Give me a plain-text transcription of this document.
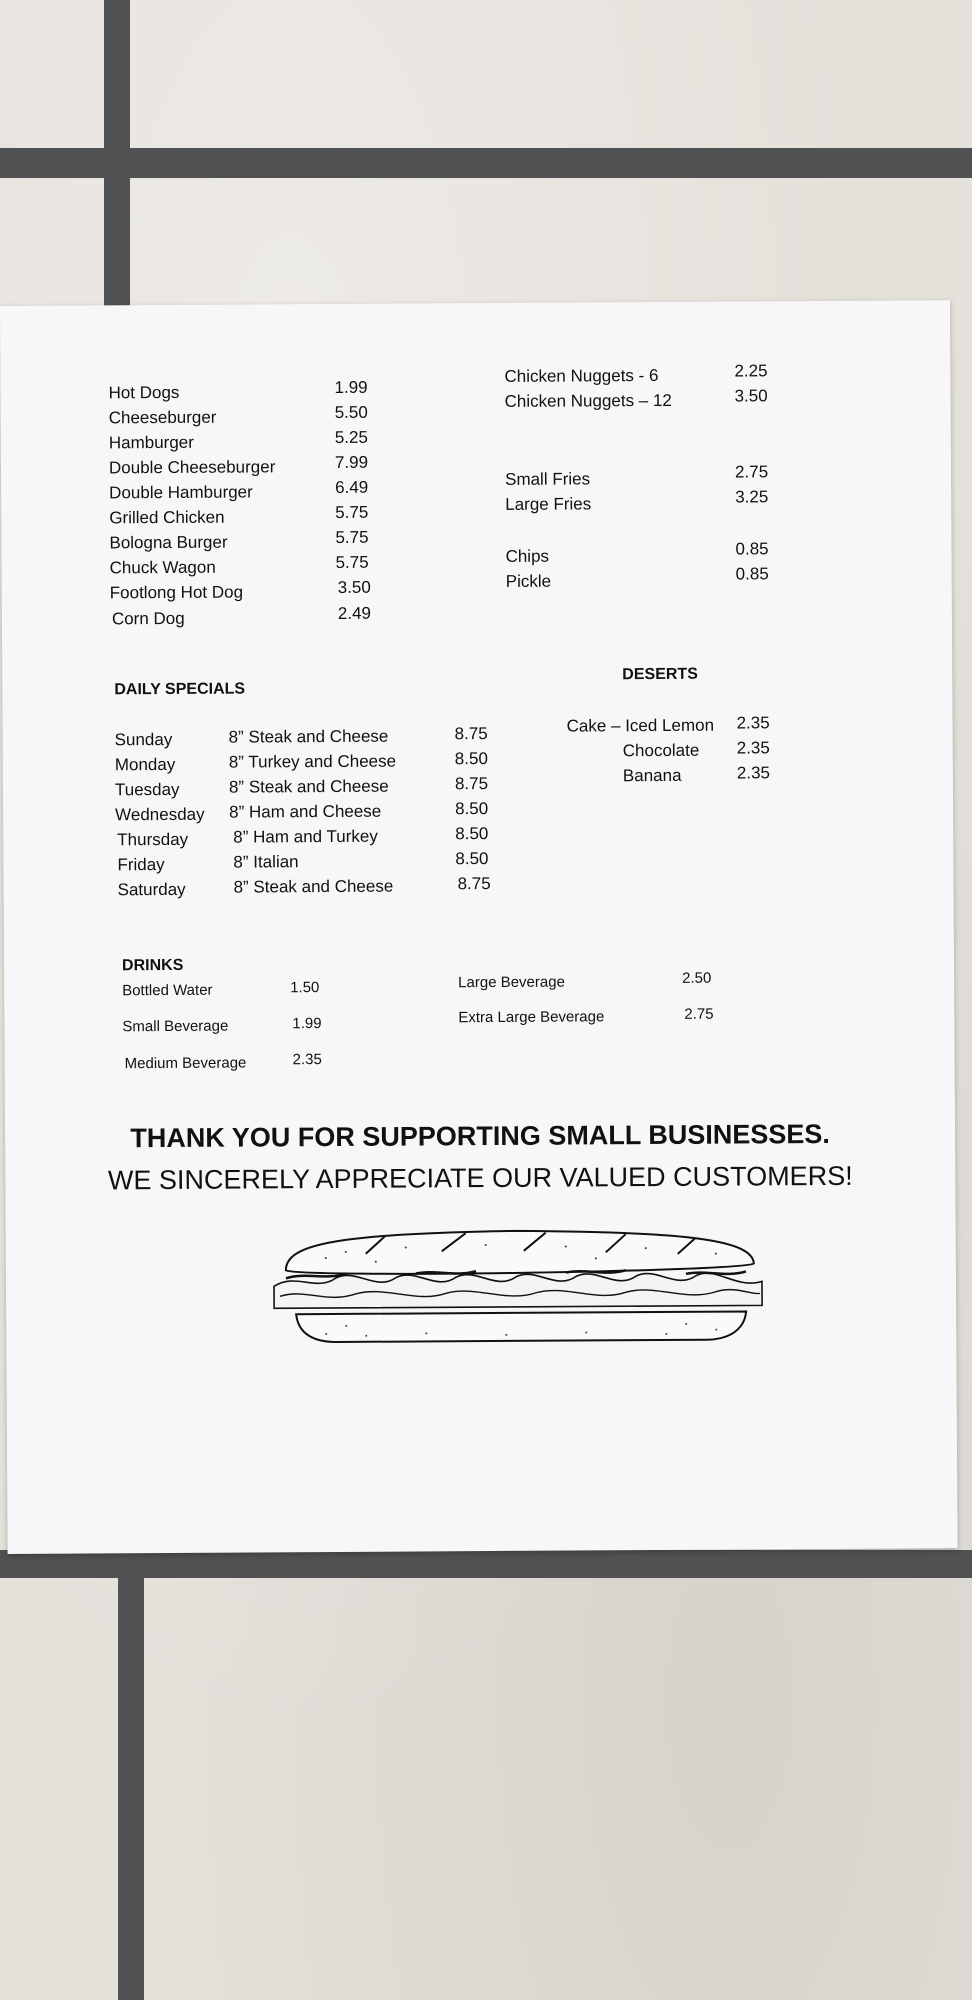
Hot Dogs	1.99
Cheeseburger	5.50
Hamburger	5.25
Double Cheeseburger	7.99
Double Hamburger	6.49
Grilled Chicken	5.75
Bologna Burger	5.75
Chuck Wagon	5.75
Footlong Hot Dog	3.50
Corn Dog	2.49
Chicken Nuggets - 6	2.25
Chicken Nuggets – 12	3.50
Small Fries	2.75
Large Fries	3.25
Chips	0.85
Pickle	0.85
DAILY SPECIALS
Sunday	8” Steak and Cheese	8.75
Monday	8” Turkey and Cheese	8.50
Tuesday	8” Steak and Cheese	8.75
Wednesday 8” Ham and Cheese	8.50
Thursday	8” Ham and Turkey	8.50
Friday	8” Italian	8.50
Saturday	8” Steak and Cheese	8.75
DESERTS
Cake – Iced Lemon 2.35
Chocolate 2.35
Banana	2.35
DRINKS
Bottled Water	1.50
Small Beverage	1.99
Medium Beverage	2.35
Large Beverage	2.50
Extra Large Beverage	2.75
THANK YOU FOR SUPPORTING SMALL BUSINESSES.
WE SINCERELY APPRECIATE OUR VALUED CUSTOMERS!
